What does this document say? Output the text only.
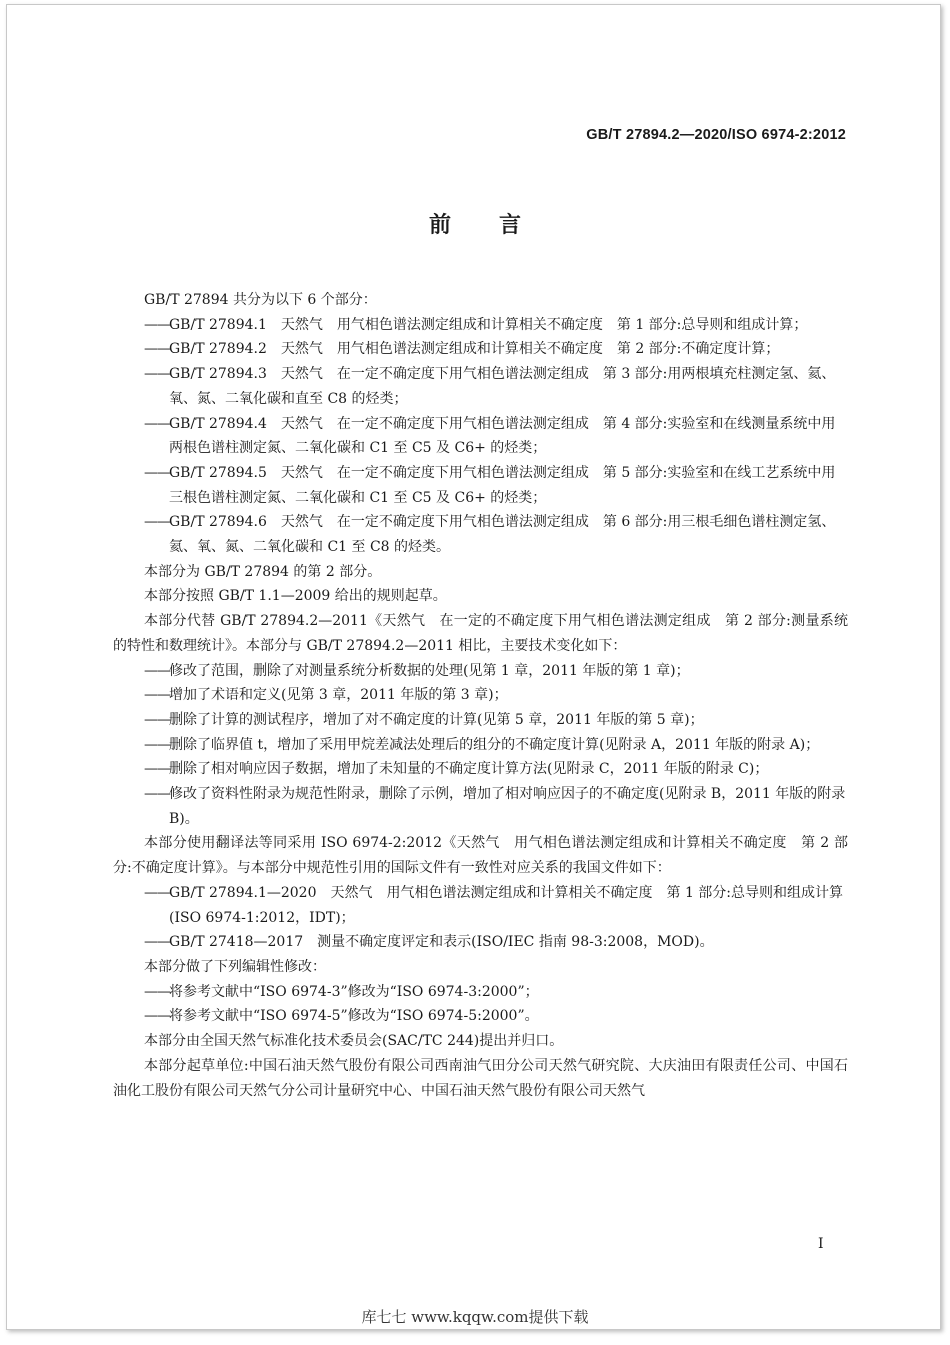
GB/T 27894.2—2020/ISO 6974-2:2012
前言

GB/T 27894 共分为以下 6 个部分：

——GB/T 27894.1　天然气　用气相色谱法测定组成和计算相关不确定度　第 1 部分:总导则和组成计算；

——GB/T 27894.2　天然气　用气相色谱法测定组成和计算相关不确定度　第 2 部分:不确定度计算；

——GB/T 27894.3　天然气　在一定不确定度下用气相色谱法测定组成　第 3 部分:用两根填充柱测定氢、氦、氧、氮、二氧化碳和直至 C8 的烃类；

——GB/T 27894.4　天然气　在一定不确定度下用气相色谱法测定组成　第 4 部分:实验室和在线测量系统中用两根色谱柱测定氮、二氧化碳和 C1 至 C5 及 C6+ 的烃类；

——GB/T 27894.5　天然气　在一定不确定度下用气相色谱法测定组成　第 5 部分:实验室和在线工艺系统中用三根色谱柱测定氮、二氧化碳和 C1 至 C5 及 C6+ 的烃类；

——GB/T 27894.6　天然气　在一定不确定度下用气相色谱法测定组成　第 6 部分:用三根毛细色谱柱测定氢、氦、氧、氮、二氧化碳和 C1 至 C8 的烃类。

本部分为 GB/T 27894 的第 2 部分。

本部分按照 GB/T 1.1—2009 给出的规则起草。

本部分代替 GB/T 27894.2—2011《天然气　在一定的不确定度下用气相色谱法测定组成　第 2 部分:测量系统的特性和数理统计》。本部分与 GB/T 27894.2—2011 相比，主要技术变化如下：

——修改了范围，删除了对测量系统分析数据的处理(见第 1 章，2011 年版的第 1 章)；

——增加了术语和定义(见第 3 章，2011 年版的第 3 章)；

——删除了计算的测试程序，增加了对不确定度的计算(见第 5 章，2011 年版的第 5 章)；

——删除了临界值 t，增加了采用甲烷差减法处理后的组分的不确定度计算(见附录 A，2011 年版的附录 A)；

——删除了相对响应因子数据，增加了未知量的不确定度计算方法(见附录 C，2011 年版的附录 C)；

——修改了资料性附录为规范性附录，删除了示例，增加了相对响应因子的不确定度(见附录 B，2011 年版的附录 B)。

本部分使用翻译法等同采用 ISO 6974-2:2012《天然气　用气相色谱法测定组成和计算相关不确定度　第 2 部分:不确定度计算》。与本部分中规范性引用的国际文件有一致性对应关系的我国文件如下：

——GB/T 27894.1—2020　天然气　用气相色谱法测定组成和计算相关不确定度　第 1 部分:总导则和组成计算(ISO 6974-1:2012，IDT)；

——GB/T 27418—2017　测量不确定度评定和表示(ISO/IEC 指南 98-3:2008，MOD)。

本部分做了下列编辑性修改：

——将参考文献中“ISO 6974-3”修改为“ISO 6974-3:2000”；

——将参考文献中“ISO 6974-5”修改为“ISO 6974-5:2000”。

本部分由全国天然气标准化技术委员会(SAC/TC 244)提出并归口。

本部分起草单位:中国石油天然气股份有限公司西南油气田分公司天然气研究院、大庆油田有限责任公司、中国石油化工股份有限公司天然气分公司计量研究中心、中国石油天然气股份有限公司天然气

I
库七七 www.kqqw.com提供下载
